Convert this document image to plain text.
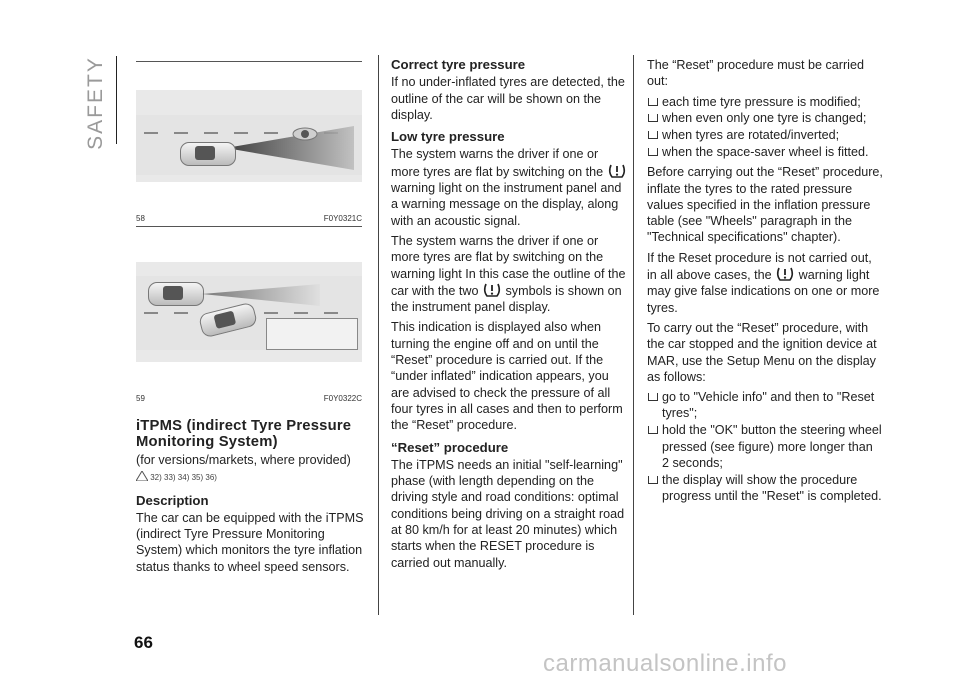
SAFETY
58	F0Y0321C
59	F0Y0322C
iTPMS (indirect Tyre Pressure Monitoring System)

(for versions/markets, where provided)

32) 33) 34) 35) 36)
Description

The car can be equipped with the iTPMS (indirect Tyre Pressure Monitoring System) which monitors the tyre inflation status thanks to wheel speed sensors.

Correct tyre pressure

If no under-inflated tyres are detected, the outline of the car will be shown on the display.

Low tyre pressure

The system warns the driver if one or more tyres are flat by switching on the  warning light on the instrument panel and a warning message on the display, along with an acoustic signal.

The system warns the driver if one or more tyres are flat by switching on the warning light In this case the outline of the car with the two symbols is shown on the instrument panel display.

This indication is displayed also when turning the engine off and on until the “Reset” procedure is carried out. If the “under inflated” indication appears, you are advised to check the pressure of all four tyres in all cases and then to perform the “Reset” procedure.

“Reset” procedure

The iTPMS needs an initial "self-learning" phase (with length depending on the driving style and road conditions: optimal conditions being driving on a straight road at 80 km/h for at least 20 minutes) which starts when the RESET procedure is carried out manually.

The “Reset” procedure must be carried out:

each time tyre pressure is modified;
when even only one tyre is changed;
when tyres are rotated/inverted;
when the space-saver wheel is fitted.

Before carrying out the “Reset” procedure, inflate the tyres to the rated pressure values specified in the inflation pressure table (see "Wheels" paragraph in the "Technical specifications" chapter).

If the Reset procedure is not carried out, in all above cases, the warning light may give false indications on one or more tyres.

To carry out the “Reset” procedure, with the car stopped and the ignition device at MAR, use the Setup Menu on the display as follows:

go to "Vehicle info" and then to "Reset tyres";
hold the "OK" button the steering wheel pressed (see figure) more longer than 2 seconds;
the display will show the procedure progress until the "Reset" is completed.
66
carmanualsonline.info
